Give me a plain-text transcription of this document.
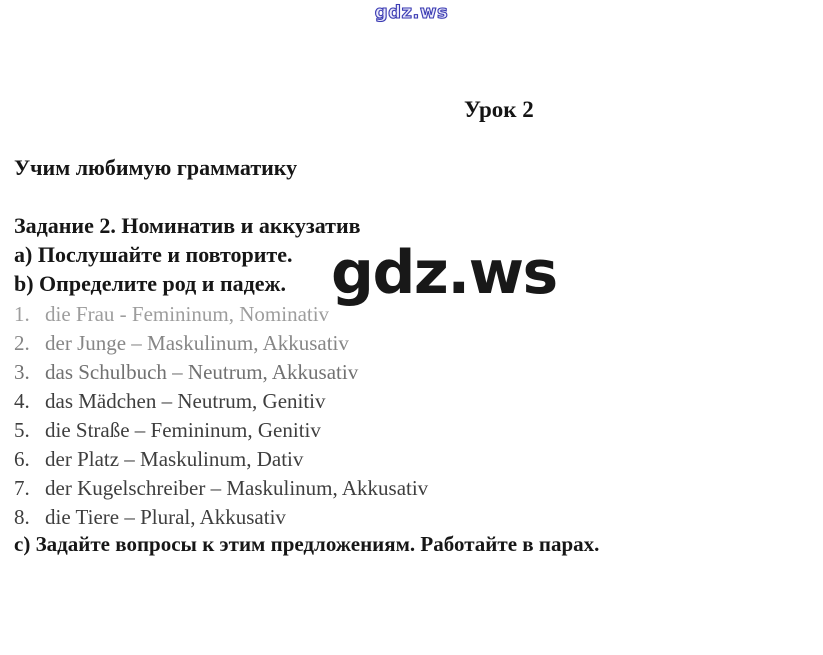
gdz.ws
Урок 2
Учим любимую грамматику
Задание 2. Номинатив и аккузатив
a) Послушайте и повторите.
b) Определите род и падеж. gdz.ws
1. die Frau - Femininum, Nominativ
2. der Junge – Maskulinum, Akkusativ
3. das Schulbuch – Neutrum, Akkusativ
4. das Mädchen – Neutrum, Genitiv
5. die Straße – Femininum, Genitiv
6. der Platz – Maskulinum, Dativ
7. der Kugelschreiber – Maskulinum, Akkusativ
8. die Tiere – Plural, Akkusativ
c) Задайте вопросы к этим предложениям. Работайте в парах.
